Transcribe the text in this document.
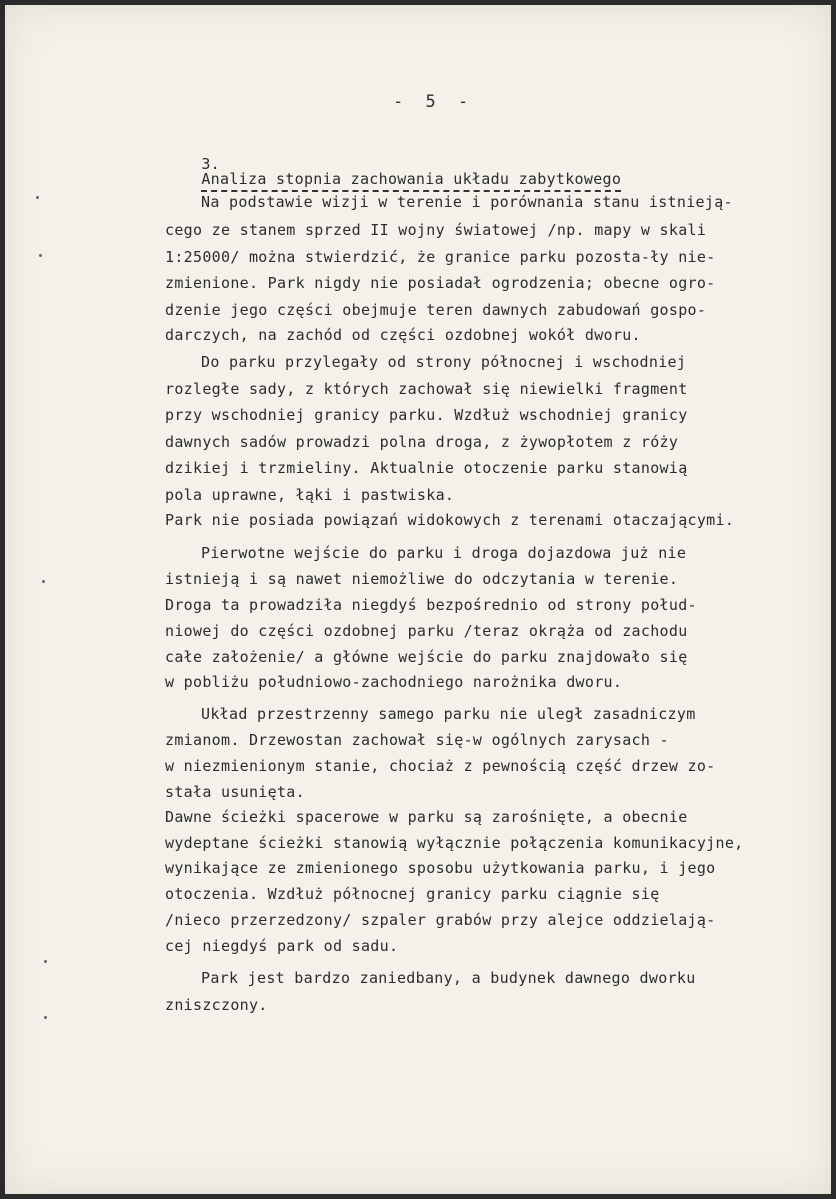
- 5 -

3.
Analiza stopnia zachowania układu zabytkowego

Na podstawie wizji w terenie i porównania stanu istnieją-
cego ze stanem sprzed II wojny światowej /np. mapy w skali
1:25000/ można stwierdzić, że granice parku pozosta-ły nie-
zmienione. Park nigdy nie posiadał ogrodzenia; obecne ogro-
dzenie jego części obejmuje teren dawnych zabudowań gospo-
darczych, na zachód od części ozdobnej wokół dworu.
Do parku przylegały od strony północnej i wschodniej
rozległe sady, z których zachował się niewielki fragment
przy wschodniej granicy parku. Wzdłuż wschodniej granicy
dawnych sadów prowadzi polna droga, z żywopłotem z róży
dzikiej i trzmieliny. Aktualnie otoczenie parku stanowią
pola uprawne, łąki i pastwiska.
Park nie posiada powiązań widokowych z terenami otaczającymi.
Pierwotne wejście do parku i droga dojazdowa już nie
istnieją i są nawet niemożliwe do odczytania w terenie.
Droga ta prowadziła niegdyś bezpośrednio od strony połud-
niowej do części ozdobnej parku /teraz okrąża od zachodu
całe założenie/ a główne wejście do parku znajdowało się
w pobliżu południowo-zachodniego narożnika dworu.
Układ przestrzenny samego parku nie uległ zasadniczym
zmianom. Drzewostan zachował się-w ogólnych zarysach -
w niezmienionym stanie, chociaż z pewnością część drzew zo-
stała usunięta.
Dawne ścieżki spacerowe w parku są zarośnięte, a obecnie
wydeptane ścieżki stanowią wyłącznie połączenia komunikacyjne,
wynikające ze zmienionego sposobu użytkowania parku, i jego
otoczenia. Wzdłuż północnej granicy parku ciągnie się
/nieco przerzedzony/ szpaler grabów przy alejce oddzielają-
cej niegdyś park od sadu.
Park jest bardzo zaniedbany, a budynek dawnego dworku
zniszczony.
